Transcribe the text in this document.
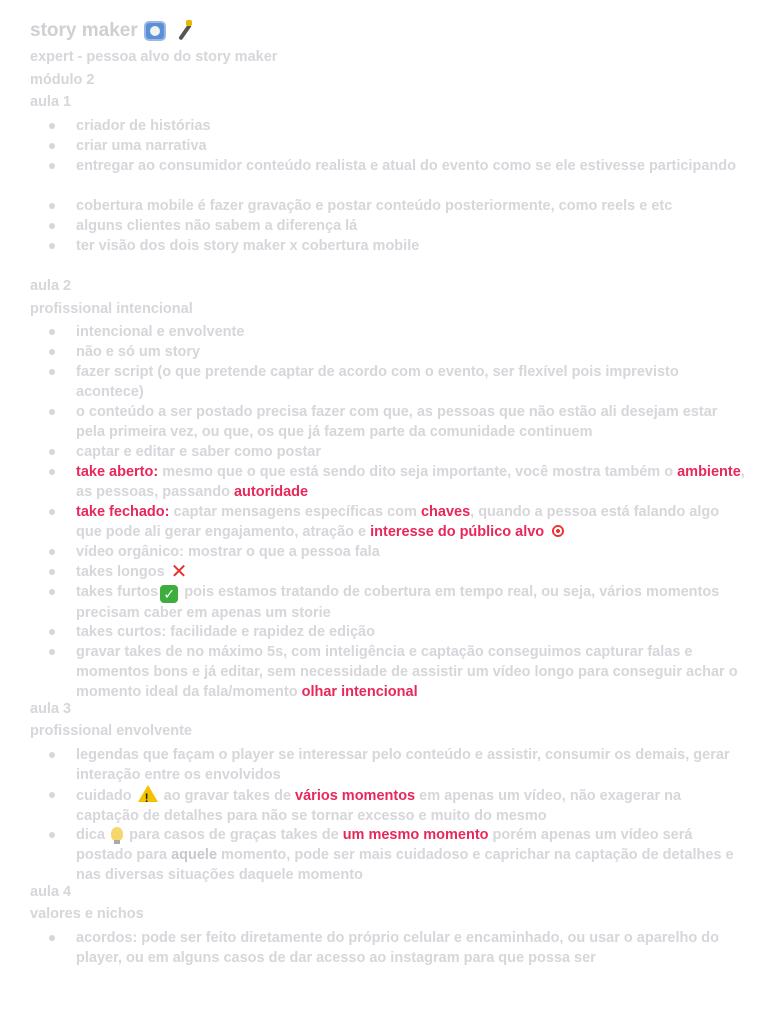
story maker
expert - pessoa alvo do story maker
módulo 2
aula 1
criador de histórias
criar uma narrativa
entregar ao consumidor conteúdo realista e atual do evento como se ele estivesse participando
cobertura mobile é fazer gravação e postar conteúdo posteriormente, como reels e etc
alguns clientes não sabem a diferença lá
ter visão dos dois story maker x cobertura mobile
aula 2
profissional intencional
intencional e envolvente
não e só um story
fazer script (o que pretende captar de acordo com o evento, ser flexível pois imprevisto acontece)
o conteúdo a ser postado precisa fazer com que, as pessoas que não estão ali desejam estar pela primeira vez, ou que, os que já fazem parte da comunidade continuem
captar e editar e saber como postar
take aberto: mesmo que o que está sendo dito seja importante, você mostra também o ambiente, as pessoas, passando autoridade
take fechado: captar mensagens específicas com chaves, quando a pessoa está falando algo que pode ali gerar engajamento, atração e interesse do público alvo
vídeo orgânico: mostrar o que a pessoa fala
takes longos ✕
takes furtos ✓ pois estamos tratando de cobertura em tempo real, ou seja, vários momentos precisam caber em apenas um storie
takes curtos: facilidade e rapidez de edição
gravar takes de no máximo 5s, com inteligência e captação conseguimos capturar falas e momentos bons e já editar, sem necessidade de assistir um vídeo longo para conseguir achar o momento ideal da fala/momento olhar intencional
aula 3
profissional envolvente
legendas que façam o player se interessar pelo conteúdo e assistir, consumir os demais, gerar interação entre os envolvidos
cuidado ! ao gravar takes de vários momentos em apenas um vídeo, não exagerar na captação de detalhes para não se tornar excesso e muito do mesmo
dica  para casos de graças takes de um mesmo momento porém apenas um vídeo será postado para aquele momento, pode ser mais cuidadoso e caprichar na captação de detalhes e nas diversas situações daquele momento
aula 4
valores e nichos
acordos: pode ser feito diretamente do próprio celular e encaminhado, ou usar o aparelho do player, ou em alguns casos de dar acesso ao instagram para que possa ser
